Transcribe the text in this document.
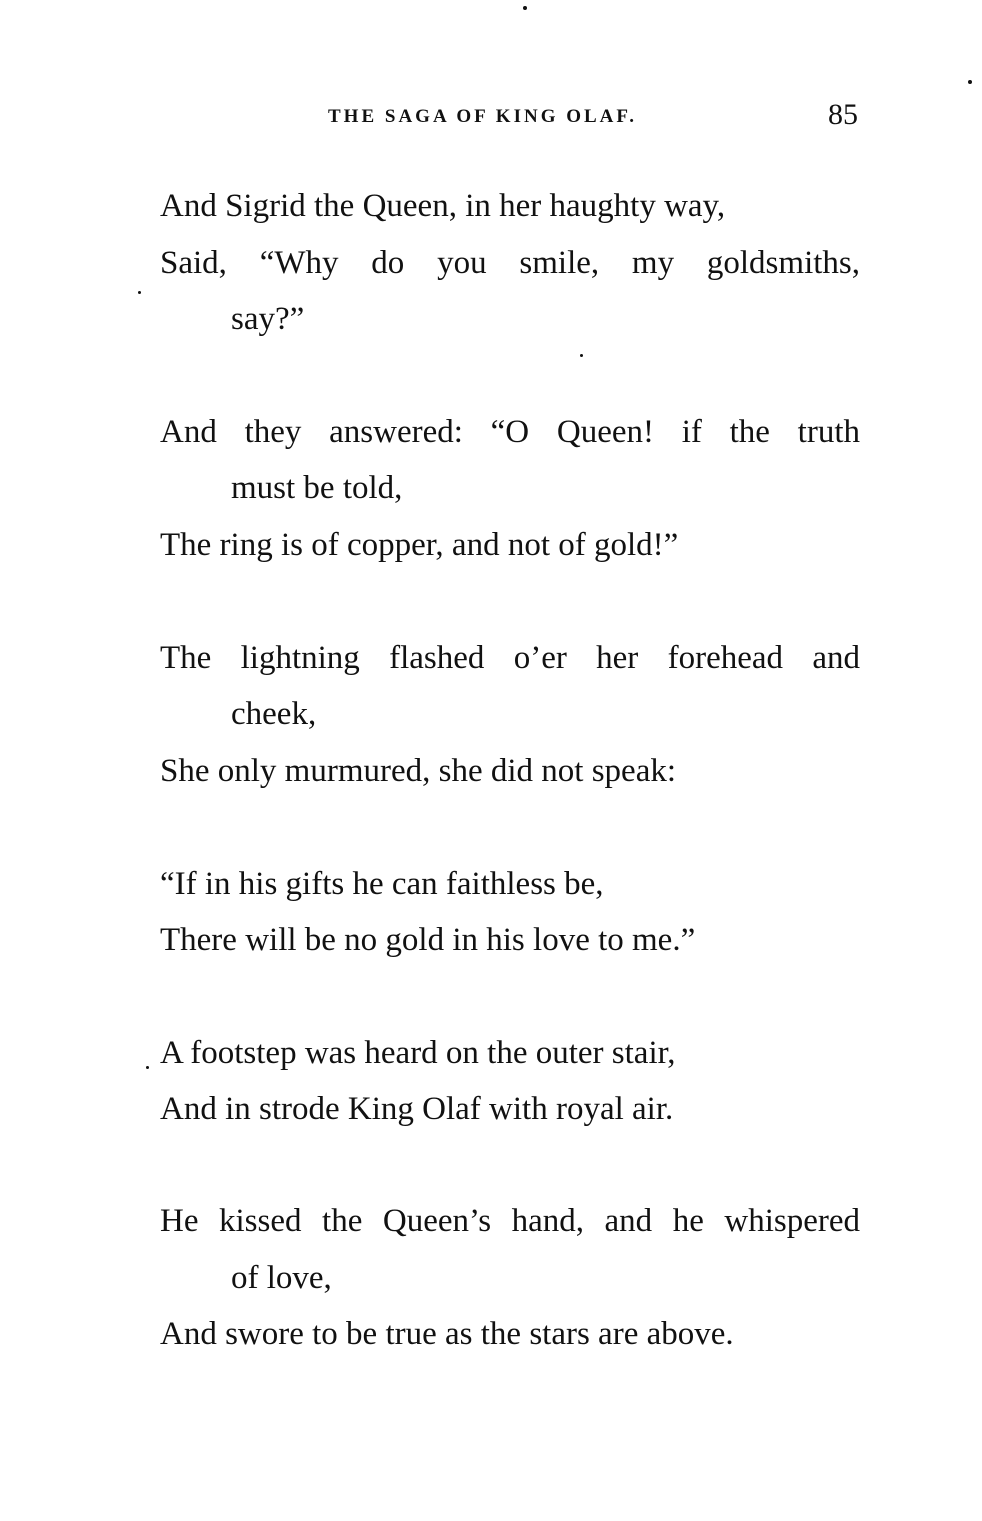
THE SAGA OF KING OLAF.	85
And Sigrid the Queen, in her haughty way,
Said, “Why do you smile, my goldsmiths,
say?”
And they answered: “O Queen! if the truth
must be told,
The ring is of copper, and not of gold!”
The lightning flashed o’er her forehead and
cheek,
She only murmured, she did not speak:
“If in his gifts he can faithless be,
There will be no gold in his love to me.”
A footstep was heard on the outer stair,
And in strode King Olaf with royal air.
He kissed the Queen’s hand, and he whispered
of love,
And swore to be true as the stars are above.
